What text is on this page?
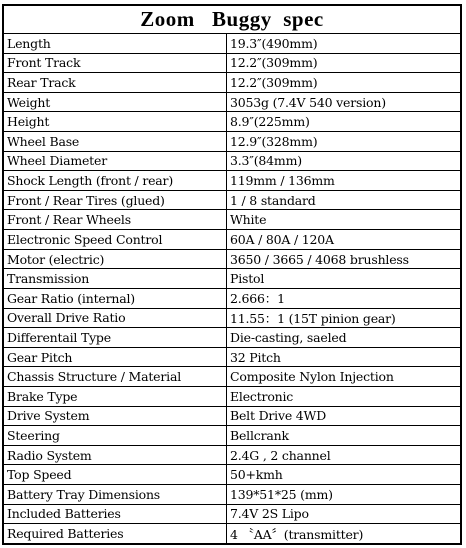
Zoom   Buggy  spec
Length	19.3″(490mm)
Front Track	12.2″(309mm)
Rear Track	12.2″(309mm)
Weight	3053g (7.4V 540 version)
Height	8.9″(225mm)
Wheel Base	12.9″(328mm)
Wheel Diameter	3.3″(84mm)
Shock Length (front / rear)	119mm / 136mm
Front / Rear Tires (glued)	1 / 8 standard
Front / Rear Wheels	White
Electronic Speed Control	60A / 80A / 120A
Motor (electric)	3650 / 3665 / 4068 brushless
Transmission	Pistol
Gear Ratio (internal)	2.666：1
Overall Drive Ratio	11.55：1 (15T pinion gear)
Differentail Type	Die-casting, saeled
Gear Pitch	32 Pitch
Chassis Structure / Material	Composite Nylon Injection
Brake Type	Electronic
Drive System	Belt Drive 4WD
Steering	Bellcrank
Radio System	2.4G , 2 channel
Top Speed	50+kmh
Battery Tray Dimensions	139*51*25 (mm)
Included Batteries	7.4V 2S Lipo
Required Batteries	4 〝AA〞(transmitter)
